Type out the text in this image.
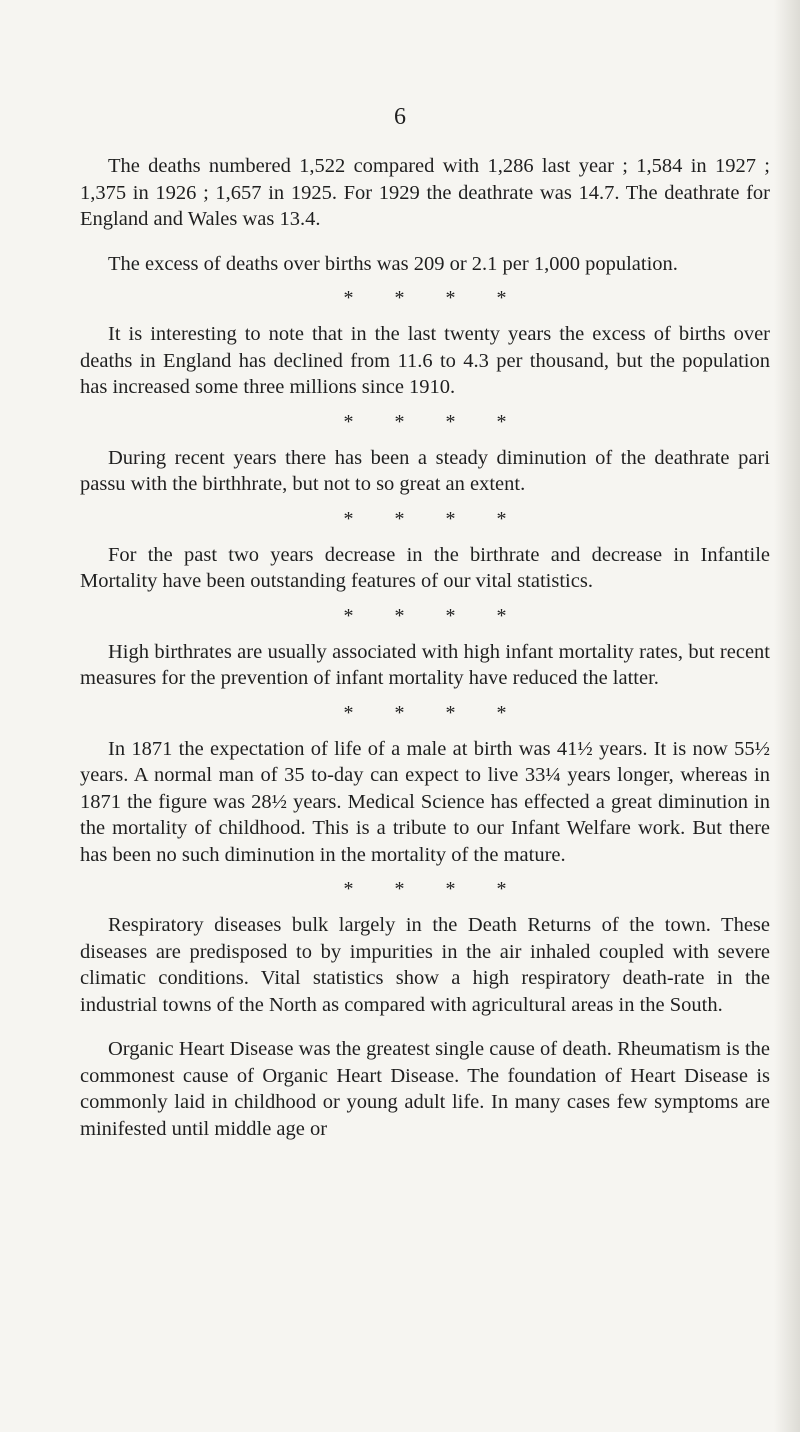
6

The deaths numbered 1,522 compared with 1,286 last year ; 1,584 in 1927 ; 1,375 in 1926 ; 1,657 in 1925. For 1929 the deathrate was 14.7. The deathrate for England and Wales was 13.4.

The excess of deaths over births was 209 or 2.1 per 1,000 population.

* * * *

It is interesting to note that in the last twenty years the excess of births over deaths in England has declined from 11.6 to 4.3 per thousand, but the population has increased some three millions since 1910.

* * * *

During recent years there has been a steady diminution of the deathrate pari passu with the birthhrate, but not to so great an extent.

* * * *

For the past two years decrease in the birthrate and decrease in Infantile Mortality have been outstanding features of our vital statistics.

* * * *

High birthrates are usually associated with high infant mortality rates, but recent measures for the prevention of infant mortality have reduced the latter.

* * * *

In 1871 the expectation of life of a male at birth was 41½ years. It is now 55½ years. A normal man of 35 to-day can expect to live 33¼ years longer, whereas in 1871 the figure was 28½ years. Medical Science has effected a great diminution in the mortality of childhood. This is a tribute to our Infant Welfare work. But there has been no such diminution in the mortality of the mature.

* * * *

Respiratory diseases bulk largely in the Death Returns of the town. These diseases are predisposed to by impurities in the air inhaled coupled with severe climatic conditions. Vital statistics show a high respiratory death-rate in the industrial towns of the North as compared with agricultural areas in the South.

Organic Heart Disease was the greatest single cause of death. Rheumatism is the commonest cause of Organic Heart Disease. The foundation of Heart Disease is commonly laid in childhood or young adult life. In many cases few symptoms are minifested until middle age or
